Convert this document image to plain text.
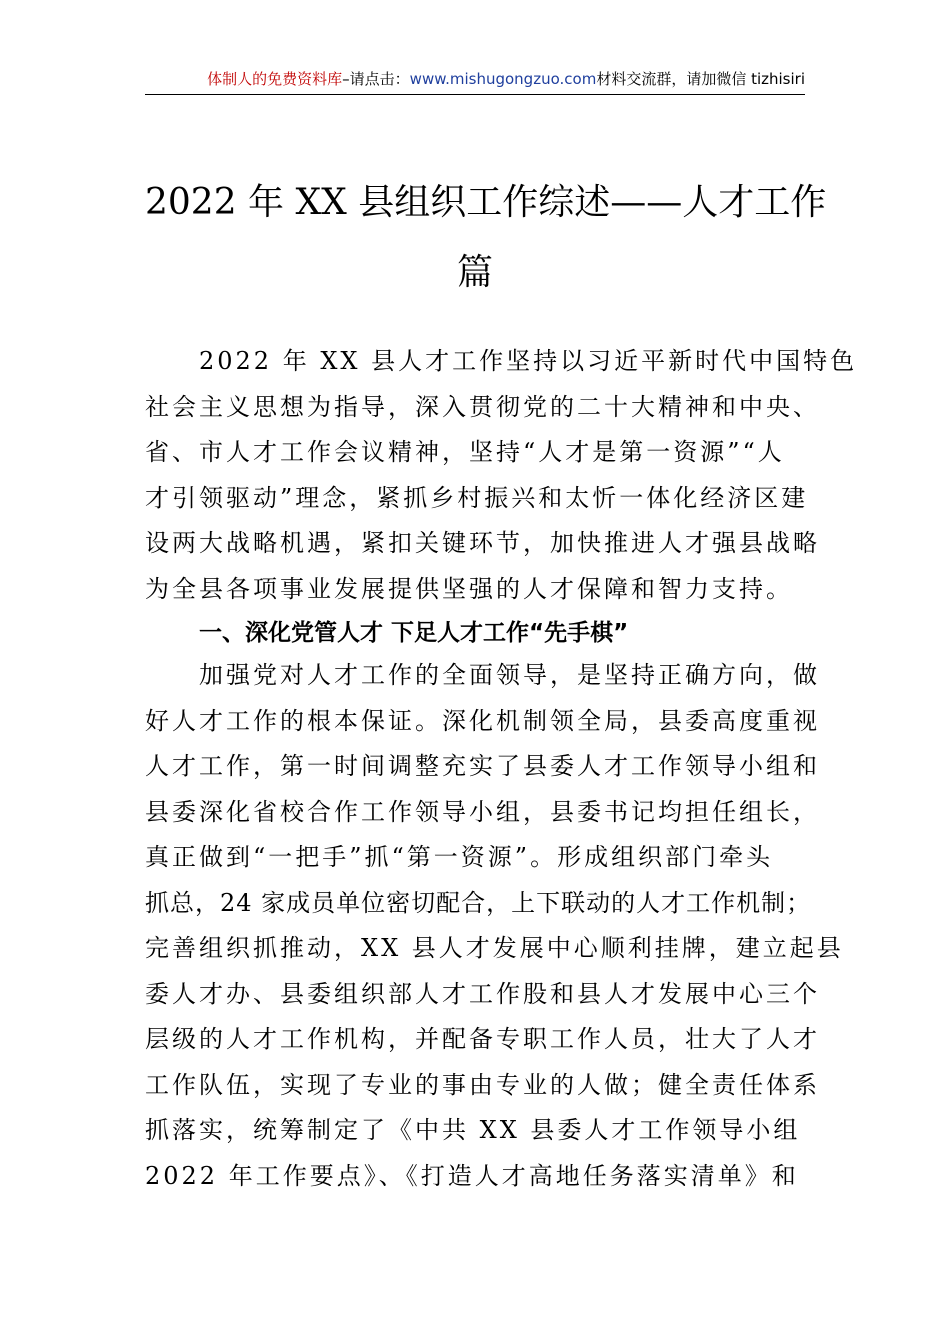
体制人的免费资料库–请点击：www.mishugongzuo.com材料交流群，请加微信 tizhisiri
2022 年 XX 县组织工作综述——人才工作
篇
2022 年 XX 县人才工作坚持以习近平新时代中国特色
社会主义思想为指导，深入贯彻党的二十大精神和中央、
省、市人才工作会议精神，坚持“人才是第一资源”“人
才引领驱动”理念，紧抓乡村振兴和太忻一体化经济区建
设两大战略机遇，紧扣关键环节，加快推进人才强县战略
为全县各项事业发展提供坚强的人才保障和智力支持。
一、深化党管人才 下足人才工作“先手棋”
加强党对人才工作的全面领导，是坚持正确方向，做
好人才工作的根本保证。深化机制领全局，县委高度重视
人才工作，第一时间调整充实了县委人才工作领导小组和
县委深化省校合作工作领导小组，县委书记均担任组长，
真正做到“一把手”抓“第一资源”。形成组织部门牵头
抓总，24 家成员单位密切配合，上下联动的人才工作机制；
完善组织抓推动，XX 县人才发展中心顺利挂牌，建立起县
委人才办、县委组织部人才工作股和县人才发展中心三个
层级的人才工作机构，并配备专职工作人员，壮大了人才
工作队伍，实现了专业的事由专业的人做；健全责任体系
抓落实，统筹制定了《中共 XX 县委人才工作领导小组
2022 年工作要点》、《打造人才高地任务落实清单》和
